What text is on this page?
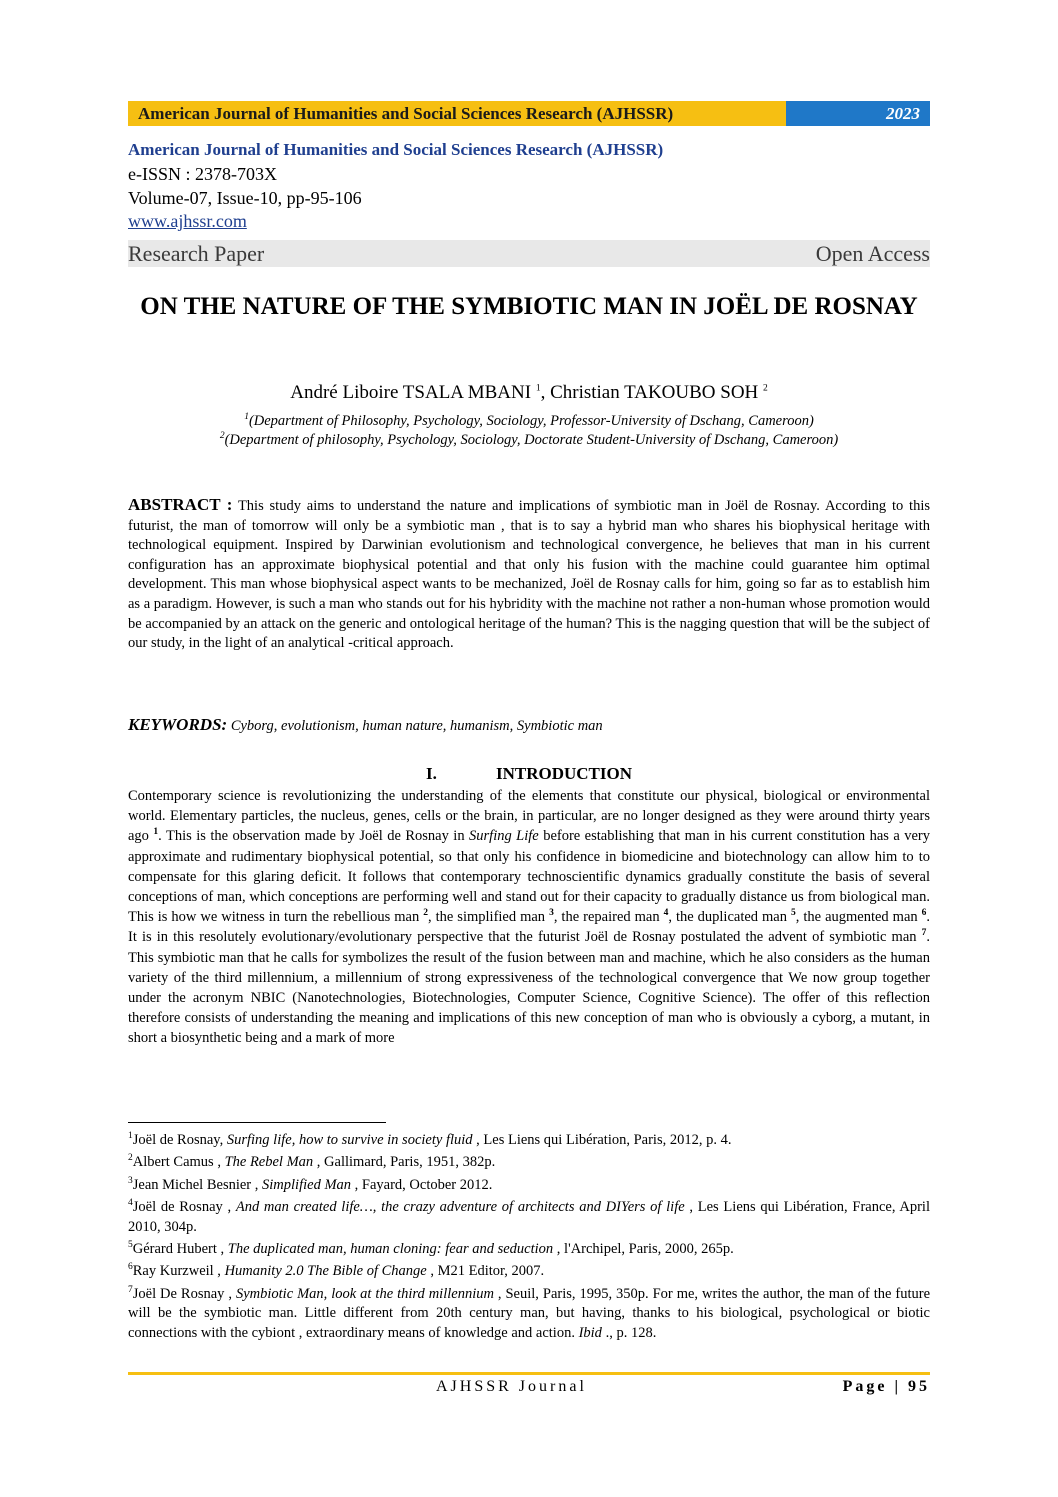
American Journal of Humanities and Social Sciences Research (AJHSSR)	2023
American Journal of Humanities and Social Sciences Research (AJHSSR)
e-ISSN : 2378-703X
Volume-07, Issue-10, pp-95-106
www.ajhssr.com
Research Paper	Open Access
ON THE NATURE OF THE SYMBIOTIC MAN IN JOËL DE ROSNAY
André Liboire TSALA MBANI $^1$, Christian TAKOUBO SOH $^2$
$^1$(Department of Philosophy, Psychology, Sociology, Professor-University of Dschang, Cameroon)
$^2$(Department of philosophy, Psychology, Sociology, Doctorate Student-University of Dschang, Cameroon)
ABSTRACT : This study aims to understand the nature and implications of symbiotic man in Joël de Rosnay. According to this futurist, the man of tomorrow will only be a symbiotic man , that is to say a hybrid man who shares his biophysical heritage with technological equipment. Inspired by Darwinian evolutionism and technological convergence, he believes that man in his current configuration has an approximate biophysical potential and that only his fusion with the machine could guarantee him optimal development. This man whose biophysical aspect wants to be mechanized, Joël de Rosnay calls for him, going so far as to establish him as a paradigm. However, is such a man who stands out for his hybridity with the machine not rather a non-human whose promotion would be accompanied by an attack on the generic and ontological heritage of the human? This is the nagging question that will be the subject of our study, in the light of an analytical -critical approach.
KEYWORDS: Cyborg, evolutionism, human nature, humanism, Symbiotic man
I.	INTRODUCTION
Contemporary science is revolutionizing the understanding of the elements that constitute our physical, biological or environmental world. Elementary particles, the nucleus, genes, cells or the brain, in particular, are no longer designed as they were around thirty years ago $^1$. This is the observation made by Joël de Rosnay in Surfing Life before establishing that man in his current constitution has a very approximate and rudimentary biophysical potential, so that only his confidence in biomedicine and biotechnology can allow him to to compensate for this glaring deficit. It follows that contemporary technoscientific dynamics gradually constitute the basis of several conceptions of man, which conceptions are performing well and stand out for their capacity to gradually distance us from biological man. This is how we witness in turn the rebellious man $^2$, the simplified man $^3$, the repaired man $^4$, the duplicated man $^5$, the augmented man $^6$. It is in this resolutely evolutionary/evolutionary perspective that the futurist Joël de Rosnay postulated the advent of symbiotic man $^7$. This symbiotic man that he calls for symbolizes the result of the fusion between man and machine, which he also considers as the human variety of the third millennium, a millennium of strong expressiveness of the technological convergence that We now group together under the acronym NBIC (Nanotechnologies, Biotechnologies, Computer Science, Cognitive Science). The offer of this reflection therefore consists of understanding the meaning and implications of this new conception of man who is obviously a cyborg, a mutant, in short a biosynthetic being and a mark of more

$^1$Joël de Rosnay, Surfing life, how to survive in society fluid , Les Liens qui Libération, Paris, 2012, p. 4.

$^2$Albert Camus , The Rebel Man , Gallimard, Paris, 1951, 382p.

$^3$Jean Michel Besnier , Simplified Man , Fayard, October 2012.

$^4$Joël de Rosnay , And man created life…, the crazy adventure of architects and DIYers of life , Les Liens qui Libération, France, April 2010, 304p.

$^5$Gérard Hubert , The duplicated man, human cloning: fear and seduction , l'Archipel, Paris, 2000, 265p.

$^6$Ray Kurzweil , Humanity 2.0 The Bible of Change , M21 Editor, 2007.

$^7$Joël De Rosnay , Symbiotic Man, look at the third millennium , Seuil, Paris, 1995, 350p. For me, writes the author, the man of the future will be the symbiotic man. Little different from 20th century man, but having, thanks to his biological, psychological or biotic connections with the cybiont , extraordinary means of knowledge and action. Ibid ., p. 128.

AJHSSR Journal	Page | 95
